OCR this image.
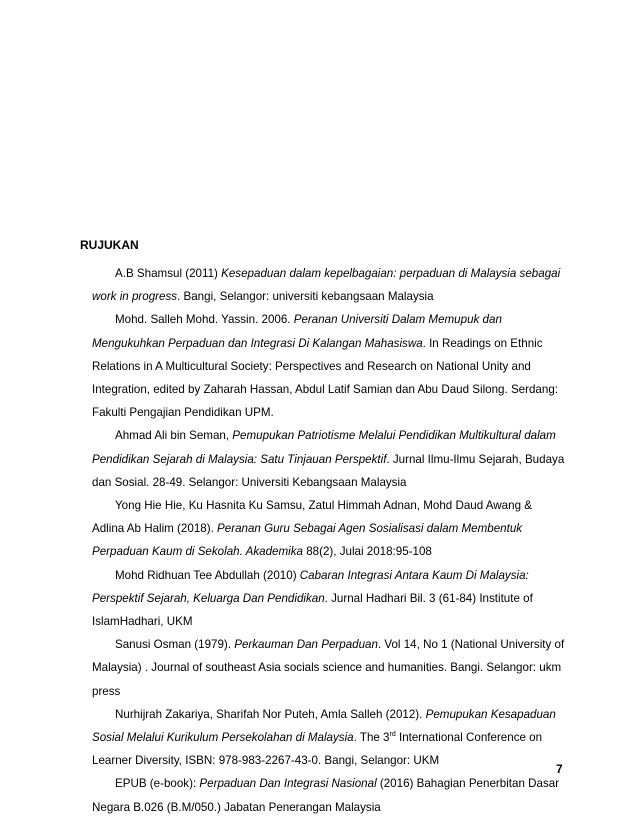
RUJUKAN

A.B Shamsul (2011) Kesepaduan dalam kepelbagaian: perpaduan di Malaysia sebagai work in progress. Bangi, Selangor: universiti kebangsaan Malaysia

Mohd. Salleh Mohd. Yassin. 2006. Peranan Universiti Dalam Memupuk dan Mengukuhkan Perpaduan dan Integrasi Di Kalangan Mahasiswa. In Readings on Ethnic Relations in A Multicultural Society: Perspectives and Research on National Unity and Integration, edited by Zaharah Hassan, Abdul Latif Samian dan Abu Daud Silong. Serdang: Fakulti Pengajian Pendidikan UPM.

Ahmad Ali bin Seman, Pemupukan Patriotisme Melalui Pendidikan Multikultural dalam Pendidikan Sejarah di Malaysia: Satu Tinjauan Perspektif. Jurnal Ilmu-Ilmu Sejarah, Budaya dan Sosial. 28-49. Selangor: Universiti Kebangsaan Malaysia

Yong Hie Hie, Ku Hasnita Ku Samsu, Zatul Himmah Adnan, Mohd Daud Awang & Adlina Ab Halim (2018). Peranan Guru Sebagai Agen Sosialisasi dalam Membentuk Perpaduan Kaum di Sekolah. Akademika 88(2), Julai 2018:95-108

Mohd Ridhuan Tee Abdullah (2010) Cabaran Integrasi Antara Kaum Di Malaysia: Perspektif Sejarah, Keluarga Dan Pendidikan. Jurnal Hadhari Bil. 3 (61-84) Institute of IslamHadhari, UKM

Sanusi Osman (1979). Perkauman Dan Perpaduan. Vol 14, No 1 (National University of Malaysia) . Journal of southeast Asia socials science and humanities. Bangi. Selangor: ukm press

Nurhijrah Zakariya, Sharifah Nor Puteh, Amla Salleh (2012). Pemupukan Kesapaduan Sosial Melalui Kurikulum Persekolahan di Malaysia. The 3rd International Conference on Learner Diversity, ISBN: 978-983-2267-43-0. Bangi, Selangor: UKM

EPUB (e-book): Perpaduan Dan Integrasi Nasional (2016) Bahagian Penerbitan Dasar Negara B.026 (B.M/050.) Jabatan Penerangan Malaysia

7
